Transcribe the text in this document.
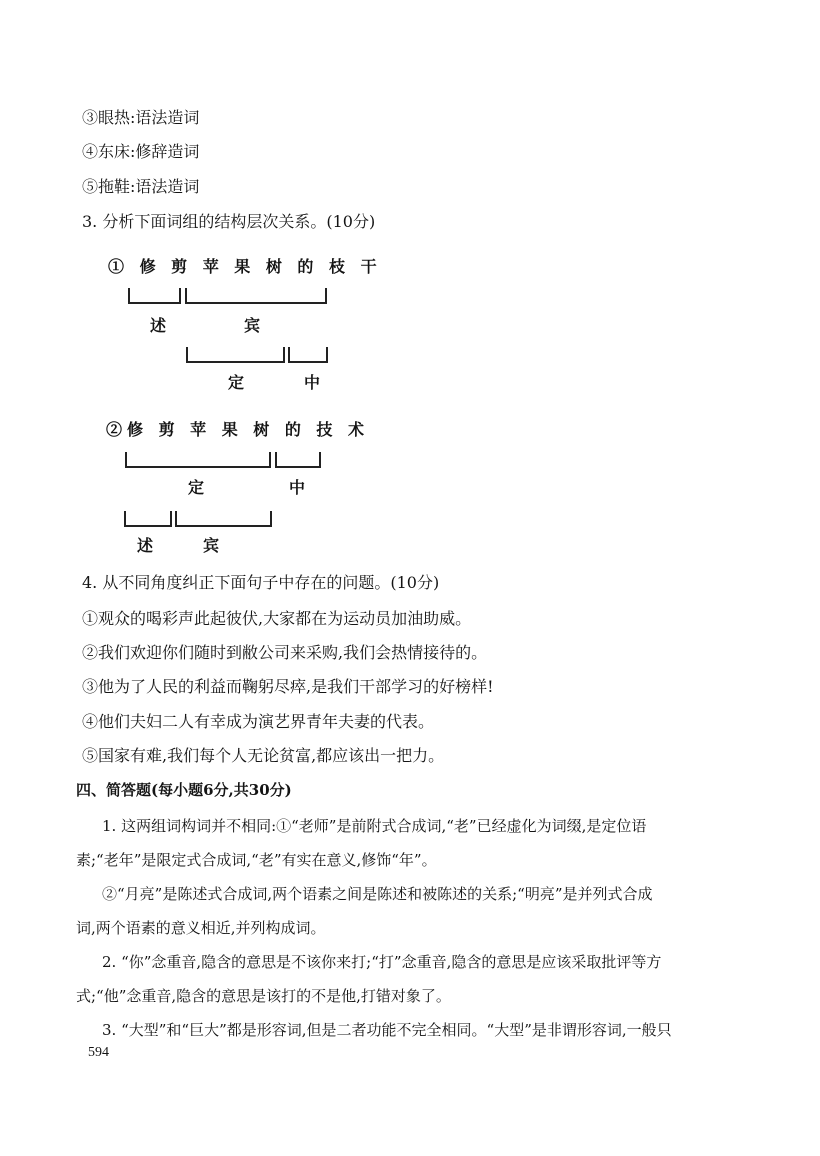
③眼热:语法造词
④东床:修辞造词
⑤拖鞋:语法造词
3. 分析下面词组的结构层次关系。(10分)
① 修 剪 苹 果 树 的 枝 干
述	宾
定	中
②修 剪 苹 果 树 的 技 术
定	中
述	宾
4. 从不同角度纠正下面句子中存在的问题。(10分)
①观众的喝彩声此起彼伏,大家都在为运动员加油助威。
②我们欢迎你们随时到敝公司来采购,我们会热情接待的。
③他为了人民的利益而鞠躬尽瘁,是我们干部学习的好榜样!
④他们夫妇二人有幸成为演艺界青年夫妻的代表。
⑤国家有难,我们每个人无论贫富,都应该出一把力。
四、简答题(每小题6分,共30分)
1. 这两组词构词并不相同:①“老师”是前附式合成词,“老”已经虚化为词缀,是定位语
素;“老年”是限定式合成词,“老”有实在意义,修饰“年”。
②“月亮”是陈述式合成词,两个语素之间是陈述和被陈述的关系;“明亮”是并列式合成
词,两个语素的意义相近,并列构成词。
2. “你”念重音,隐含的意思是不该你来打;“打”念重音,隐含的意思是应该采取批评等方
式;“他”念重音,隐含的意思是该打的不是他,打错对象了。
3. “大型”和“巨大”都是形容词,但是二者功能不完全相同。“大型”是非谓形容词,一般只
594
